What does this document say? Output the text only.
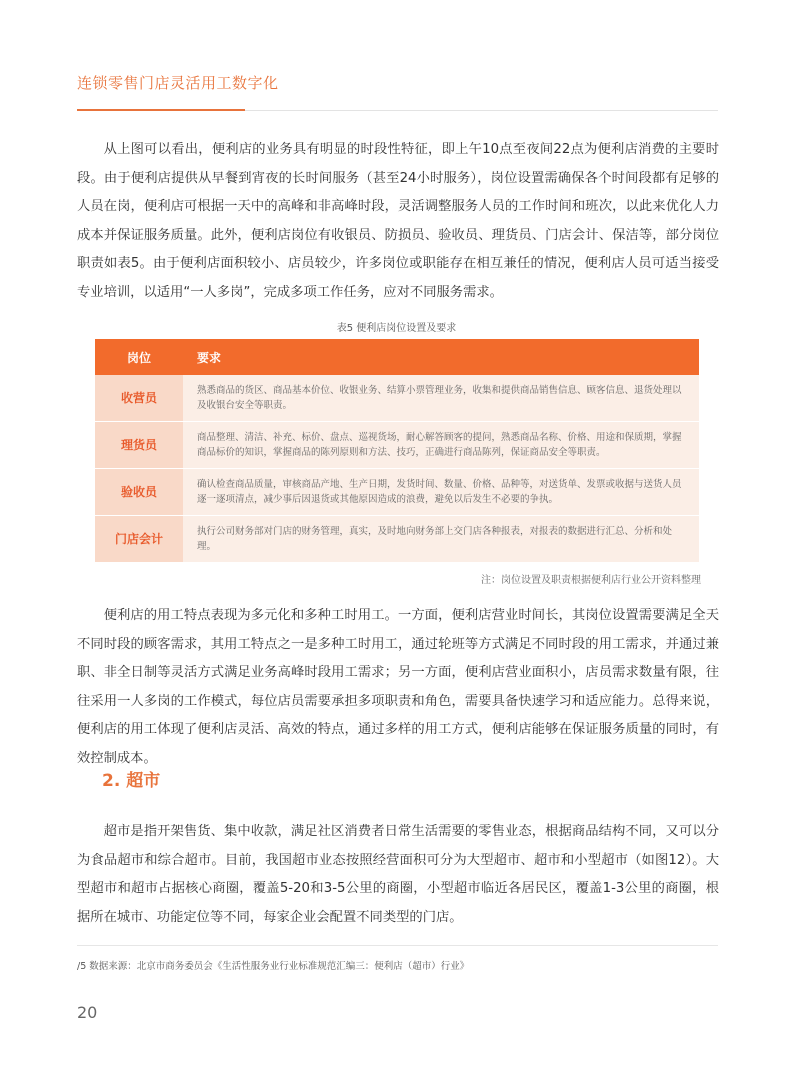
连锁零售门店灵活用工数字化

从上图可以看出，便利店的业务具有明显的时段性特征，即上午10点至夜间22点为便利店消费的主要时段。由于便利店提供从早餐到宵夜的长时间服务（甚至24小时服务），岗位设置需确保各个时间段都有足够的人员在岗，便利店可根据一天中的高峰和非高峰时段，灵活调整服务人员的工作时间和班次，以此来优化人力成本并保证服务质量。此外，便利店岗位有收银员、防损员、验收员、理货员、门店会计、保洁等，部分岗位职责如表5。由于便利店面积较小、店员较少，许多岗位或职能存在相互兼任的情况，便利店人员可适当接受专业培训，以适用“一人多岗”，完成多项工作任务，应对不同服务需求。

表5 便利店岗位设置及要求
岗位	要求
收营员	熟悉商品的货区、商品基本价位、收银业务、结算小票管理业务，收集和提供商品销售信息、顾客信息、退货处理以及收银台安全等职责。
理货员	商品整理、清洁、补充、标价、盘点、巡视货场，耐心解答顾客的提问，熟悉商品名称、价格、用途和保质期，掌握商品标价的知识，掌握商品的陈列原则和方法、技巧，正确进行商品陈列，保证商品安全等职责。
验收员	确认检查商品质量，审核商品产地、生产日期，发货时间、数量、价格、品种等，对送货单、发票或收据与送货人员逐一逐项清点，减少事后因退货或其他原因造成的浪费，避免以后发生不必要的争执。
门店会计	执行公司财务部对门店的财务管理，真实，及时地向财务部上交门店各种报表，对报表的数据进行汇总、分析和处理。
注：岗位设置及职责根据便利店行业公开资料整理

便利店的用工特点表现为多元化和多种工时用工。一方面，便利店营业时间长，其岗位设置需要满足全天不同时段的顾客需求，其用工特点之一是多种工时用工，通过轮班等方式满足不同时段的用工需求，并通过兼职、非全日制等灵活方式满足业务高峰时段用工需求；另一方面，便利店营业面积小，店员需求数量有限，往往采用一人多岗的工作模式，每位店员需要承担多项职责和角色，需要具备快速学习和适应能力。总得来说，便利店的用工体现了便利店灵活、高效的特点，通过多样的用工方式，便利店能够在保证服务质量的同时，有效控制成本。

2. 超市

超市是指开架售货、集中收款，满足社区消费者日常生活需要的零售业态，根据商品结构不同，又可以分为食品超市和综合超市。目前，我国超市业态按照经营面积可分为大型超市、超市和小型超市（如图12）。大型超市和超市占据核心商圈，覆盖5-20和3-5公里的商圈，小型超市临近各居民区，覆盖1-3公里的商圈，根据所在城市、功能定位等不同，每家企业会配置不同类型的门店。

/5 数据来源：北京市商务委员会《生活性服务业行业标准规范汇编三：便利店（超市）行业》
20
